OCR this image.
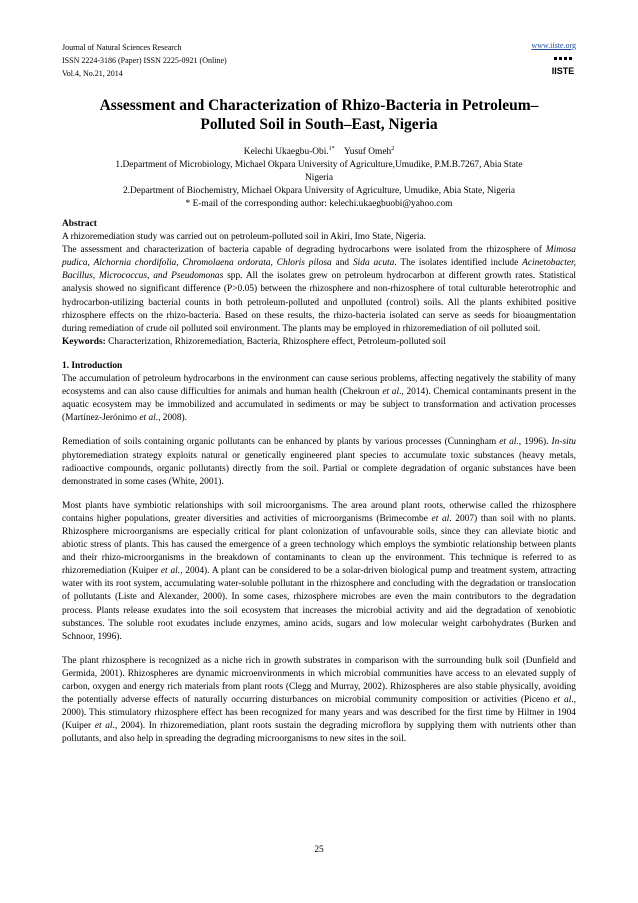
Journal of Natural Sciences Research
ISSN 2224-3186 (Paper) ISSN 2225-0921 (Online)
Vol.4, No.21, 2014
www.iiste.org
IISTE
Assessment and Characterization of Rhizo-Bacteria in Petroleum–
Polluted Soil in South–East, Nigeria
Kelechi Ukaegbu-Obi.$^{1*}$ Yusuf Omeh$^2$
1.Department of Microbiology, Michael Okpara University of Agriculture,Umudike, P.M.B.7267, Abia State
Nigeria
2.Department of Biochemistry, Michael Okpara University of Agriculture, Umudike, Abia State, Nigeria
* E-mail of the corresponding author: kelechi.ukaegbuobi@yahoo.com

Abstract

A rhizoremediation study was carried out on petroleum-polluted soil in Akiri, Imo State, Nigeria.
The assessment and characterization of bacteria capable of degrading hydrocarbons were isolated from the rhizosphere of Mimosa pudica, Alchornia chordifolia, Chromolaena ordorata, Chloris pilosa and Sida acuta. The isolates identified include Acinetobacter, Bacillus, Micrococcus, and Pseudomonas spp. All the isolates grew on petroleum hydrocarbon at different growth rates. Statistical analysis showed no significant difference (P>0.05) between the rhizosphere and non-rhizosphere of total culturable heterotrophic and hydrocarbon-utilizing bacterial counts in both petroleum-polluted and unpolluted (control) soils. All the plants exhibited positive rhizosphere effects on the rhizo-bacteria. Based on these results, the rhizo-bacteria isolated can serve as seeds for bioaugmentation during remediation of crude oil polluted soil environment. The plants may be employed in rhizoremediation of oil polluted soil.

Keywords: Characterization, Rhizoremediation, Bacteria, Rhizosphere effect, Petroleum-polluted soil

1. Introduction

The accumulation of petroleum hydrocarbons in the environment can cause serious problems, affecting negatively the stability of many ecosystems and can also cause difficulties for animals and human health (Chekroun et al., 2014). Chemical contaminants present in the aquatic ecosystem may be immobilized and accumulated in sediments or may be subject to transformation and activation processes (Martínez-Jerónimo et al., 2008).

Remediation of soils containing organic pollutants can be enhanced by plants by various processes (Cunningham et al., 1996). In-situ phytoremediation strategy exploits natural or genetically engineered plant species to accumulate toxic substances (heavy metals, radioactive compounds, organic pollutants) directly from the soil. Partial or complete degradation of organic substances have been demonstrated in some cases (White, 2001).

Most plants have symbiotic relationships with soil microorganisms. The area around plant roots, otherwise called the rhizosphere contains higher populations, greater diversities and activities of microorganisms (Brimecombe et al. 2007) than soil with no plants. Rhizosphere microorganisms are especially critical for plant colonization of unfavourable soils, since they can alleviate biotic and abiotic stress of plants. This has caused the emergence of a green technology which employs the symbiotic relationship between plants and their rhizo-microorganisms in the breakdown of contaminants to clean up the environment. This technique is referred to as rhizoremediation (Kuiper et al., 2004). A plant can be considered to be a solar-driven biological pump and treatment system, attracting water with its root system, accumulating water-soluble pollutant in the rhizosphere and concluding with the degradation or translocation of pollutants (Liste and Alexander, 2000). In some cases, rhizosphere microbes are even the main contributors to the degradation process. Plants release exudates into the soil ecosystem that increases the microbial activity and aid the degradation of xenobiotic substances. The soluble root exudates include enzymes, amino acids, sugars and low molecular weight carbohydrates (Burken and Schnoor, 1996).

The plant rhizosphere is recognized as a niche rich in growth substrates in comparison with the surrounding bulk soil (Dunfield and Germida, 2001). Rhizospheres are dynamic microenvironments in which microbial communities have access to an elevated supply of carbon, oxygen and energy rich materials from plant roots (Clegg and Murray, 2002). Rhizospheres are also stable physically, avoiding the potentially adverse effects of naturally occurring disturbances on microbial community composition or activities (Piceno et al., 2000). This stimulatory rhizosphere effect has been recognized for many years and was described for the first time by Hiltner in 1904 (Kuiper et al., 2004). In rhizoremediation, plant roots sustain the degrading microflora by supplying them with nutrients other than pollutants, and also help in spreading the degrading microorganisms to new sites in the soil.

25
